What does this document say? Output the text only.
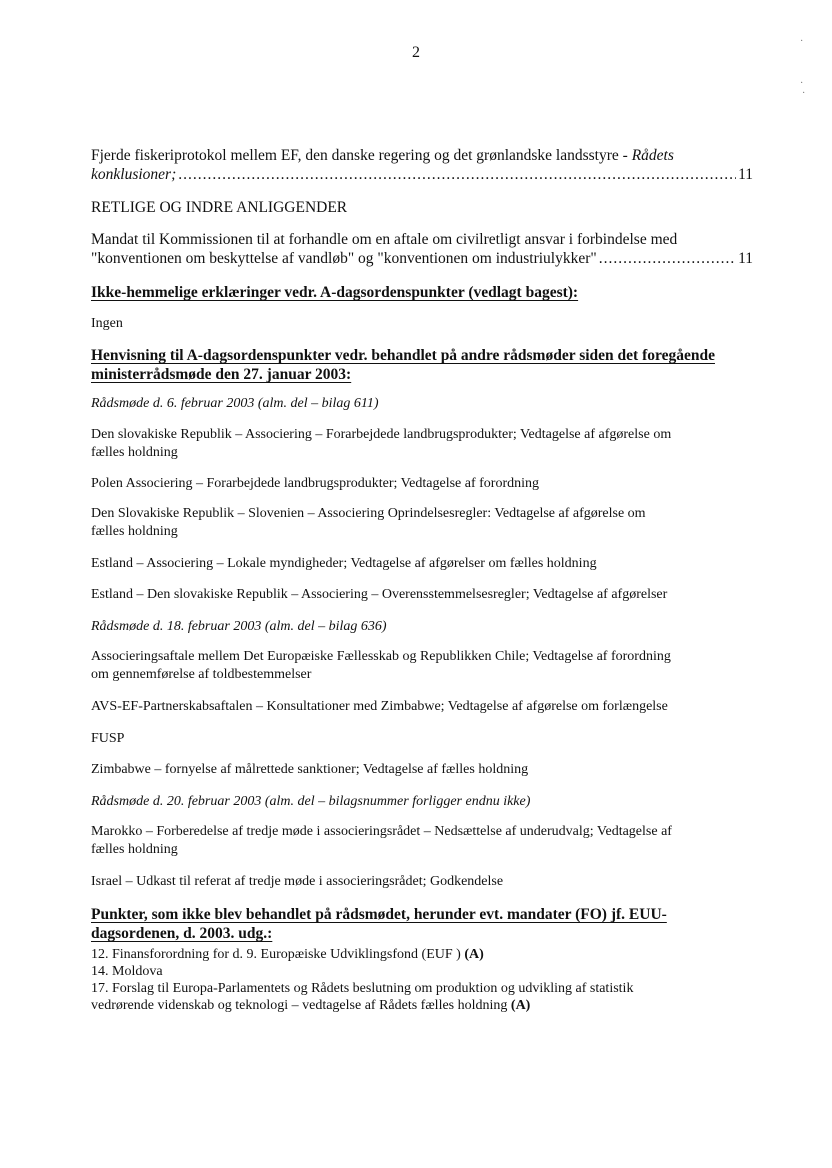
2
Fjerde fiskeriprotokol mellem EF, den danske regering og det grønlandske landsstyre - Rådets
konklusioner; .....	11
RETLIGE OG INDRE ANLIGGENDER
Mandat til Kommissionen til at forhandle om en aftale om civilretligt ansvar i forbindelse med
"konventionen om beskyttelse af vandløb" og "konventionen om industriulykker" .....	11
Ikke-hemmelige erklæringer vedr. A-dagsordenspunkter (vedlagt bagest):
Ingen
Henvisning til A-dagsordenspunkter vedr. behandlet på andre rådsmøder siden det foregående
ministerrådsmøde den 27. januar 2003:
Rådsmøde d. 6. februar 2003 (alm. del – bilag 611)
Den slovakiske Republik – Associering – Forarbejdede landbrugsprodukter; Vedtagelse af afgørelse om
fælles holdning
Polen Associering – Forarbejdede landbrugsprodukter; Vedtagelse af forordning
Den Slovakiske Republik – Slovenien – Associering Oprindelsesregler: Vedtagelse af afgørelse om
fælles holdning
Estland – Associering – Lokale myndigheder; Vedtagelse af afgørelser om fælles holdning
Estland – Den slovakiske Republik – Associering – Overensstemmelsesregler; Vedtagelse af afgørelser
Rådsmøde d. 18. februar 2003 (alm. del – bilag 636)
Associeringsaftale mellem Det Europæiske Fællesskab og Republikken Chile; Vedtagelse af forordning
om gennemførelse af toldbestemmelser
AVS-EF-Partnerskabsaftalen – Konsultationer med Zimbabwe; Vedtagelse af afgørelse om forlængelse
FUSP
Zimbabwe – fornyelse af målrettede sanktioner; Vedtagelse af fælles holdning
Rådsmøde d. 20. februar 2003 (alm. del – bilagsnummer forligger endnu ikke)
Marokko – Forberedelse af tredje møde i associeringsrådet – Nedsættelse af underudvalg; Vedtagelse af
fælles holdning
Israel – Udkast til referat af tredje møde i associeringsrådet; Godkendelse
Punkter, som ikke blev behandlet på rådsmødet, herunder evt. mandater (FO) jf. EUU-
dagsordenen, d. 2003. udg.:
12. Finansforordning for d. 9. Europæiske Udviklingsfond (EUF ) (A)
14. Moldova
17. Forslag til Europa-Parlamentets og Rådets beslutning om produktion og udvikling af statistik
vedrørende videnskab og teknologi – vedtagelse af Rådets fælles holdning (A)
·
·
·
